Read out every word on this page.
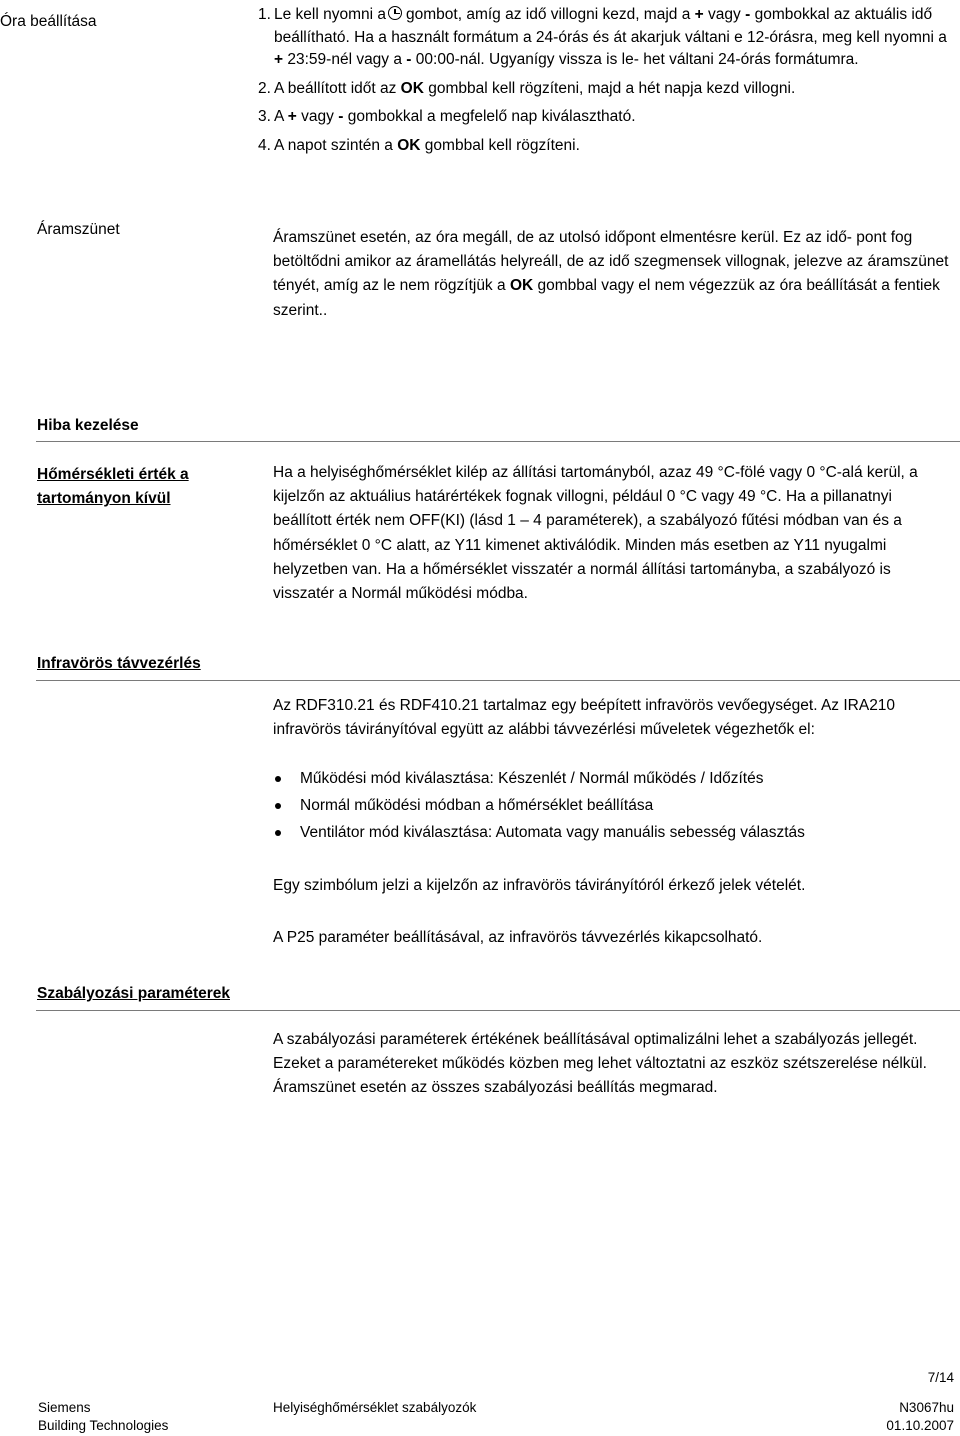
Óra beállítása	1. Le kell nyomni a gombot, amíg az idő villogni kezd, majd a + vagy - gombokkal az aktuális idő beállítható. Ha a használt formátum a 24-órás és át akarjuk váltani e 12-órásra, meg kell nyomni a + 23:59-nél vagy a - 00:00-nál. Ugyanígy vissza is le- het váltani 24-órás formátumra.
2. A beállított időt az OK gombbal kell rögzíteni, majd a hét napja kezd villogni.
3. A + vagy - gombokkal a megfelelő nap kiválasztható.
4. A napot szintén a OK gombbal kell rögzíteni.
Áramszünet	Áramszünet esetén, az óra megáll, de az utolsó időpont elmentésre kerül. Ez az idő- pont fog betöltődni amikor az áramellátás helyreáll, de az idő szegmensek villognak, jelezve az áramszünet tényét, amíg az le nem rögzítjük a OK gombbal vagy el nem végezzük az óra beállítását a fentiek szerint..
Hiba kezelése
Hőmérsékleti érték a tartományon kívül
Ha a helyiséghőmérséklet kilép az állítási tartományból, azaz 49 °C-fölé vagy 0 °C-alá kerül, a kijelzőn az aktuálius határértékek fognak villogni, például 0 °C vagy 49 °C. Ha a pillanatnyi beállított érték nem OFF(KI) (lásd 1 – 4 paraméterek), a szabályozó fűtési módban van és a hőmérséklet 0 °C alatt, az Y11 kimenet aktiválódik. Minden más esetben az Y11 nyugalmi helyzetben van. Ha a hőmérséklet visszatér a normál állítási tartományba, a szabályozó is visszatér a Normál működési módba.
Infravörös távvezérlés
Az RDF310.21 és RDF410.21 tartalmaz egy beépített infravörös vevőegységet. Az IRA210 infravörös távirányítóval együtt az alábbi távvezérlési műveletek végezhetők el:
Működési mód kiválasztása: Készenlét / Normál működés / Időzítés
Normál működési módban a hőmérséklet beállítása
Ventilátor mód kiválasztása: Automata vagy manuális sebesség választás
Egy szimbólum jelzi a kijelzőn az infravörös távirányítóról érkező jelek vételét.
A P25 paraméter beállításával, az infravörös távvezérlés kikapcsolható.
Szabályozási paraméterek
A szabályozási paraméterek értékének beállításával optimalizálni lehet a szabályozás jellegét. Ezeket a paramétereket működés közben meg lehet változtatni az eszköz szétszerelése nélkül. Áramszünet esetén az összes szabályozási beállítás megmarad.
7/14
Siemens
Building Technologies
Helyiséghőmérséklet szabályozók	N3067hu
01.10.2007
